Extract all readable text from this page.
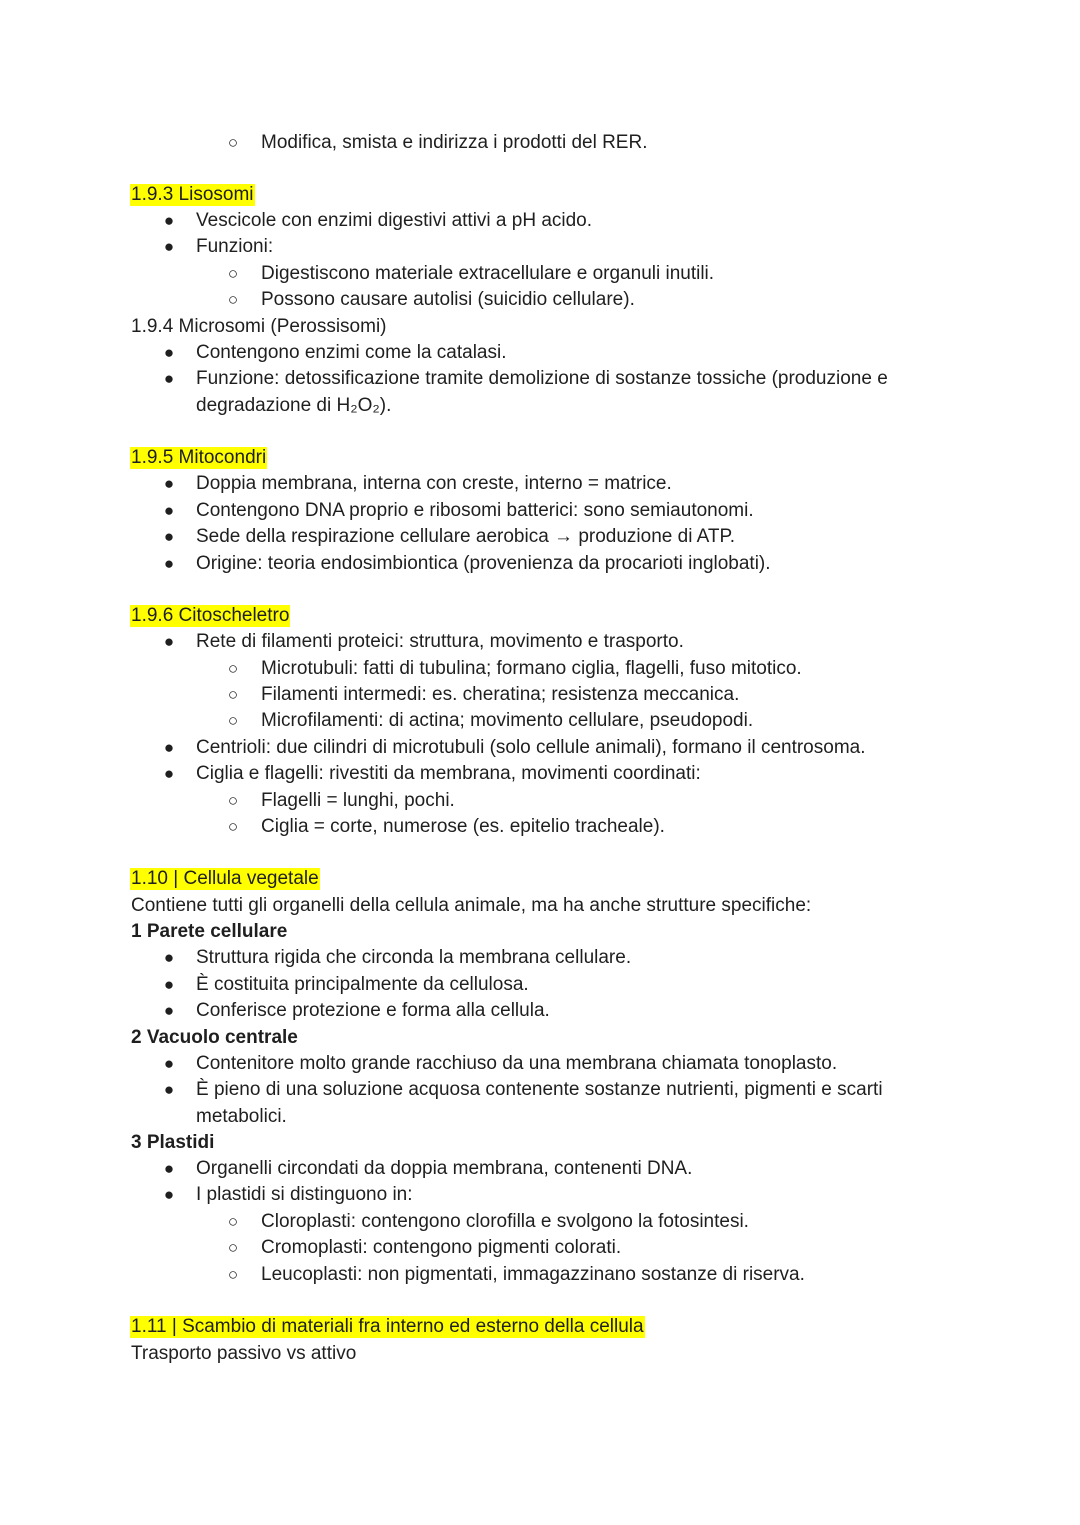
○ Modifica, smista e indirizza i prodotti del RER.
1.9.3 Lisosomi
● Vescicole con enzimi digestivi attivi a pH acido.
● Funzioni:
○ Digestiscono materiale extracellulare e organuli inutili.
○ Possono causare autolisi (suicidio cellulare).
1.9.4 Microsomi (Perossisomi)
● Contengono enzimi come la catalasi.
● Funzione: detossificazione tramite demolizione di sostanze tossiche (produzione e
degradazione di H₂O₂).
1.9.5 Mitocondri
● Doppia membrana, interna con creste, interno = matrice.
● Contengono DNA proprio e ribosomi batterici: sono semiautonomi.
● Sede della respirazione cellulare aerobica → produzione di ATP.
● Origine: teoria endosimbiontica (provenienza da procarioti inglobati).
1.9.6 Citoscheletro
● Rete di filamenti proteici: struttura, movimento e trasporto.
○ Microtubuli: fatti di tubulina; formano ciglia, flagelli, fuso mitotico.
○ Filamenti intermedi: es. cheratina; resistenza meccanica.
○ Microfilamenti: di actina; movimento cellulare, pseudopodi.
● Centrioli: due cilindri di microtubuli (solo cellule animali), formano il centrosoma.
● Ciglia e flagelli: rivestiti da membrana, movimenti coordinati:
○ Flagelli = lunghi, pochi.
○ Ciglia = corte, numerose (es. epitelio tracheale).
1.10 | Cellula vegetale
Contiene tutti gli organelli della cellula animale, ma ha anche strutture specifiche:
1 Parete cellulare
● Struttura rigida che circonda la membrana cellulare.
● È costituita principalmente da cellulosa.
● Conferisce protezione e forma alla cellula.
2 Vacuolo centrale
● Contenitore molto grande racchiuso da una membrana chiamata tonoplasto.
● È pieno di una soluzione acquosa contenente sostanze nutrienti, pigmenti e scarti
metabolici.
3 Plastidi
● Organelli circondati da doppia membrana, contenenti DNA.
● I plastidi si distinguono in:
○ Cloroplasti: contengono clorofilla e svolgono la fotosintesi.
○ Cromoplasti: contengono pigmenti colorati.
○ Leucoplasti: non pigmentati, immagazzinano sostanze di riserva.
1.11 | Scambio di materiali fra interno ed esterno della cellula
Trasporto passivo vs attivo
